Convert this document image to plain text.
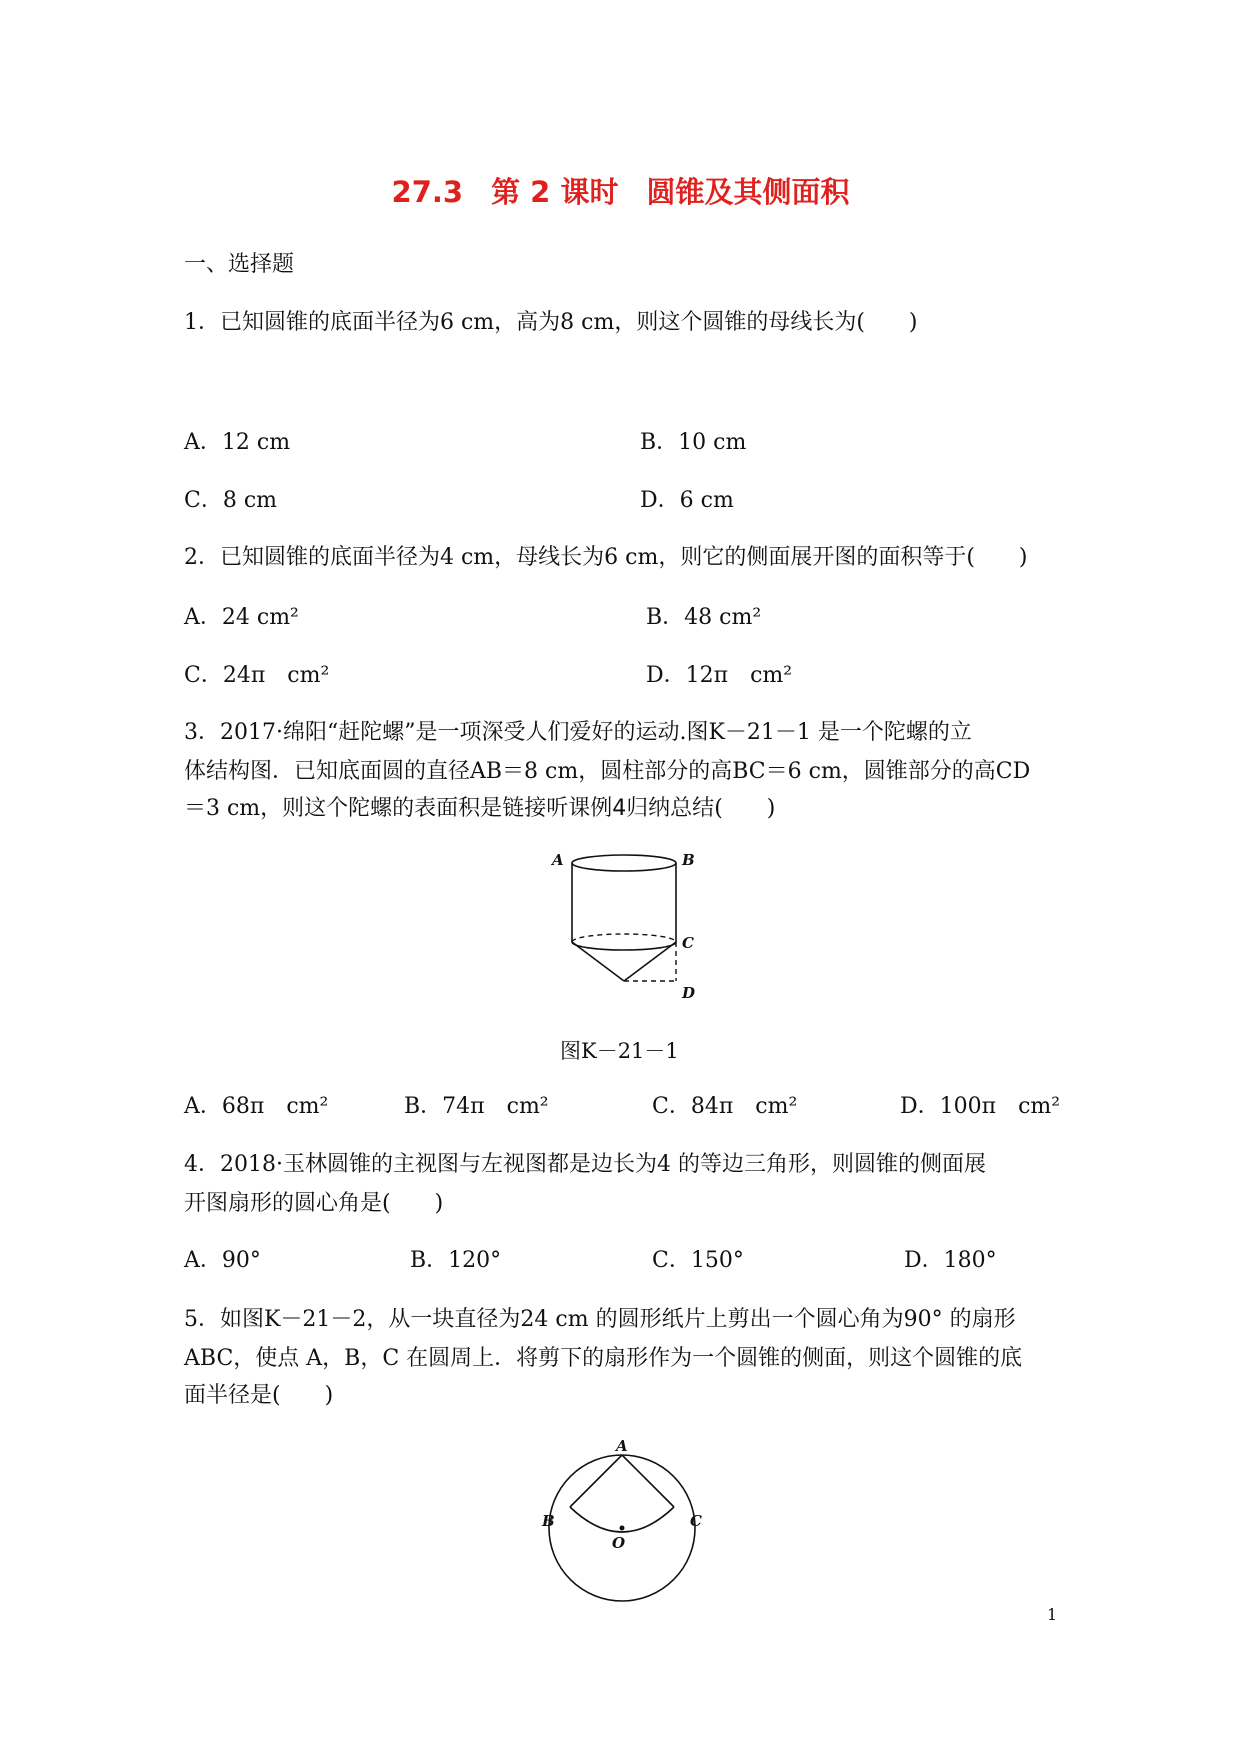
27.3 第 2 课时 圆锥及其侧面积
一、选择题
1．已知圆锥的底面半径为6 cm，高为8 cm，则这个圆锥的母线长为(　　)
A．12 cm	B．10 cm
C．8 cm	D．6 cm
2．已知圆锥的底面半径为4 cm，母线长为6 cm，则它的侧面展开图的面积等于(　　)
A．24 cm²	B．48 cm²
C．24π　cm²	D．12π　cm²
3．2017·绵阳“赶陀螺”是一项深受人们爱好的运动.图K－21－1 是一个陀螺的立
体结构图．已知底面圆的直径AB＝8 cm，圆柱部分的高BC＝6 cm，圆锥部分的高CD
＝3 cm，则这个陀螺的表面积是链接听课例4归纳总结(　　)
A	B
C
D
图K－21－1
A．68π　cm²	B．74π　cm²	C．84π　cm²	D．100π　cm²
4．2018·玉林圆锥的主视图与左视图都是边长为4 的等边三角形，则圆锥的侧面展
开图扇形的圆心角是(　　)
A．90°	B．120°	C．150°	D．180°
5．如图K－21－2，从一块直径为24 cm 的圆形纸片上剪出一个圆心角为90° 的扇形
ABC，使点 A，B，C 在圆周上．将剪下的扇形作为一个圆锥的侧面，则这个圆锥的底
面半径是(　　)
A
B	C
O
1
